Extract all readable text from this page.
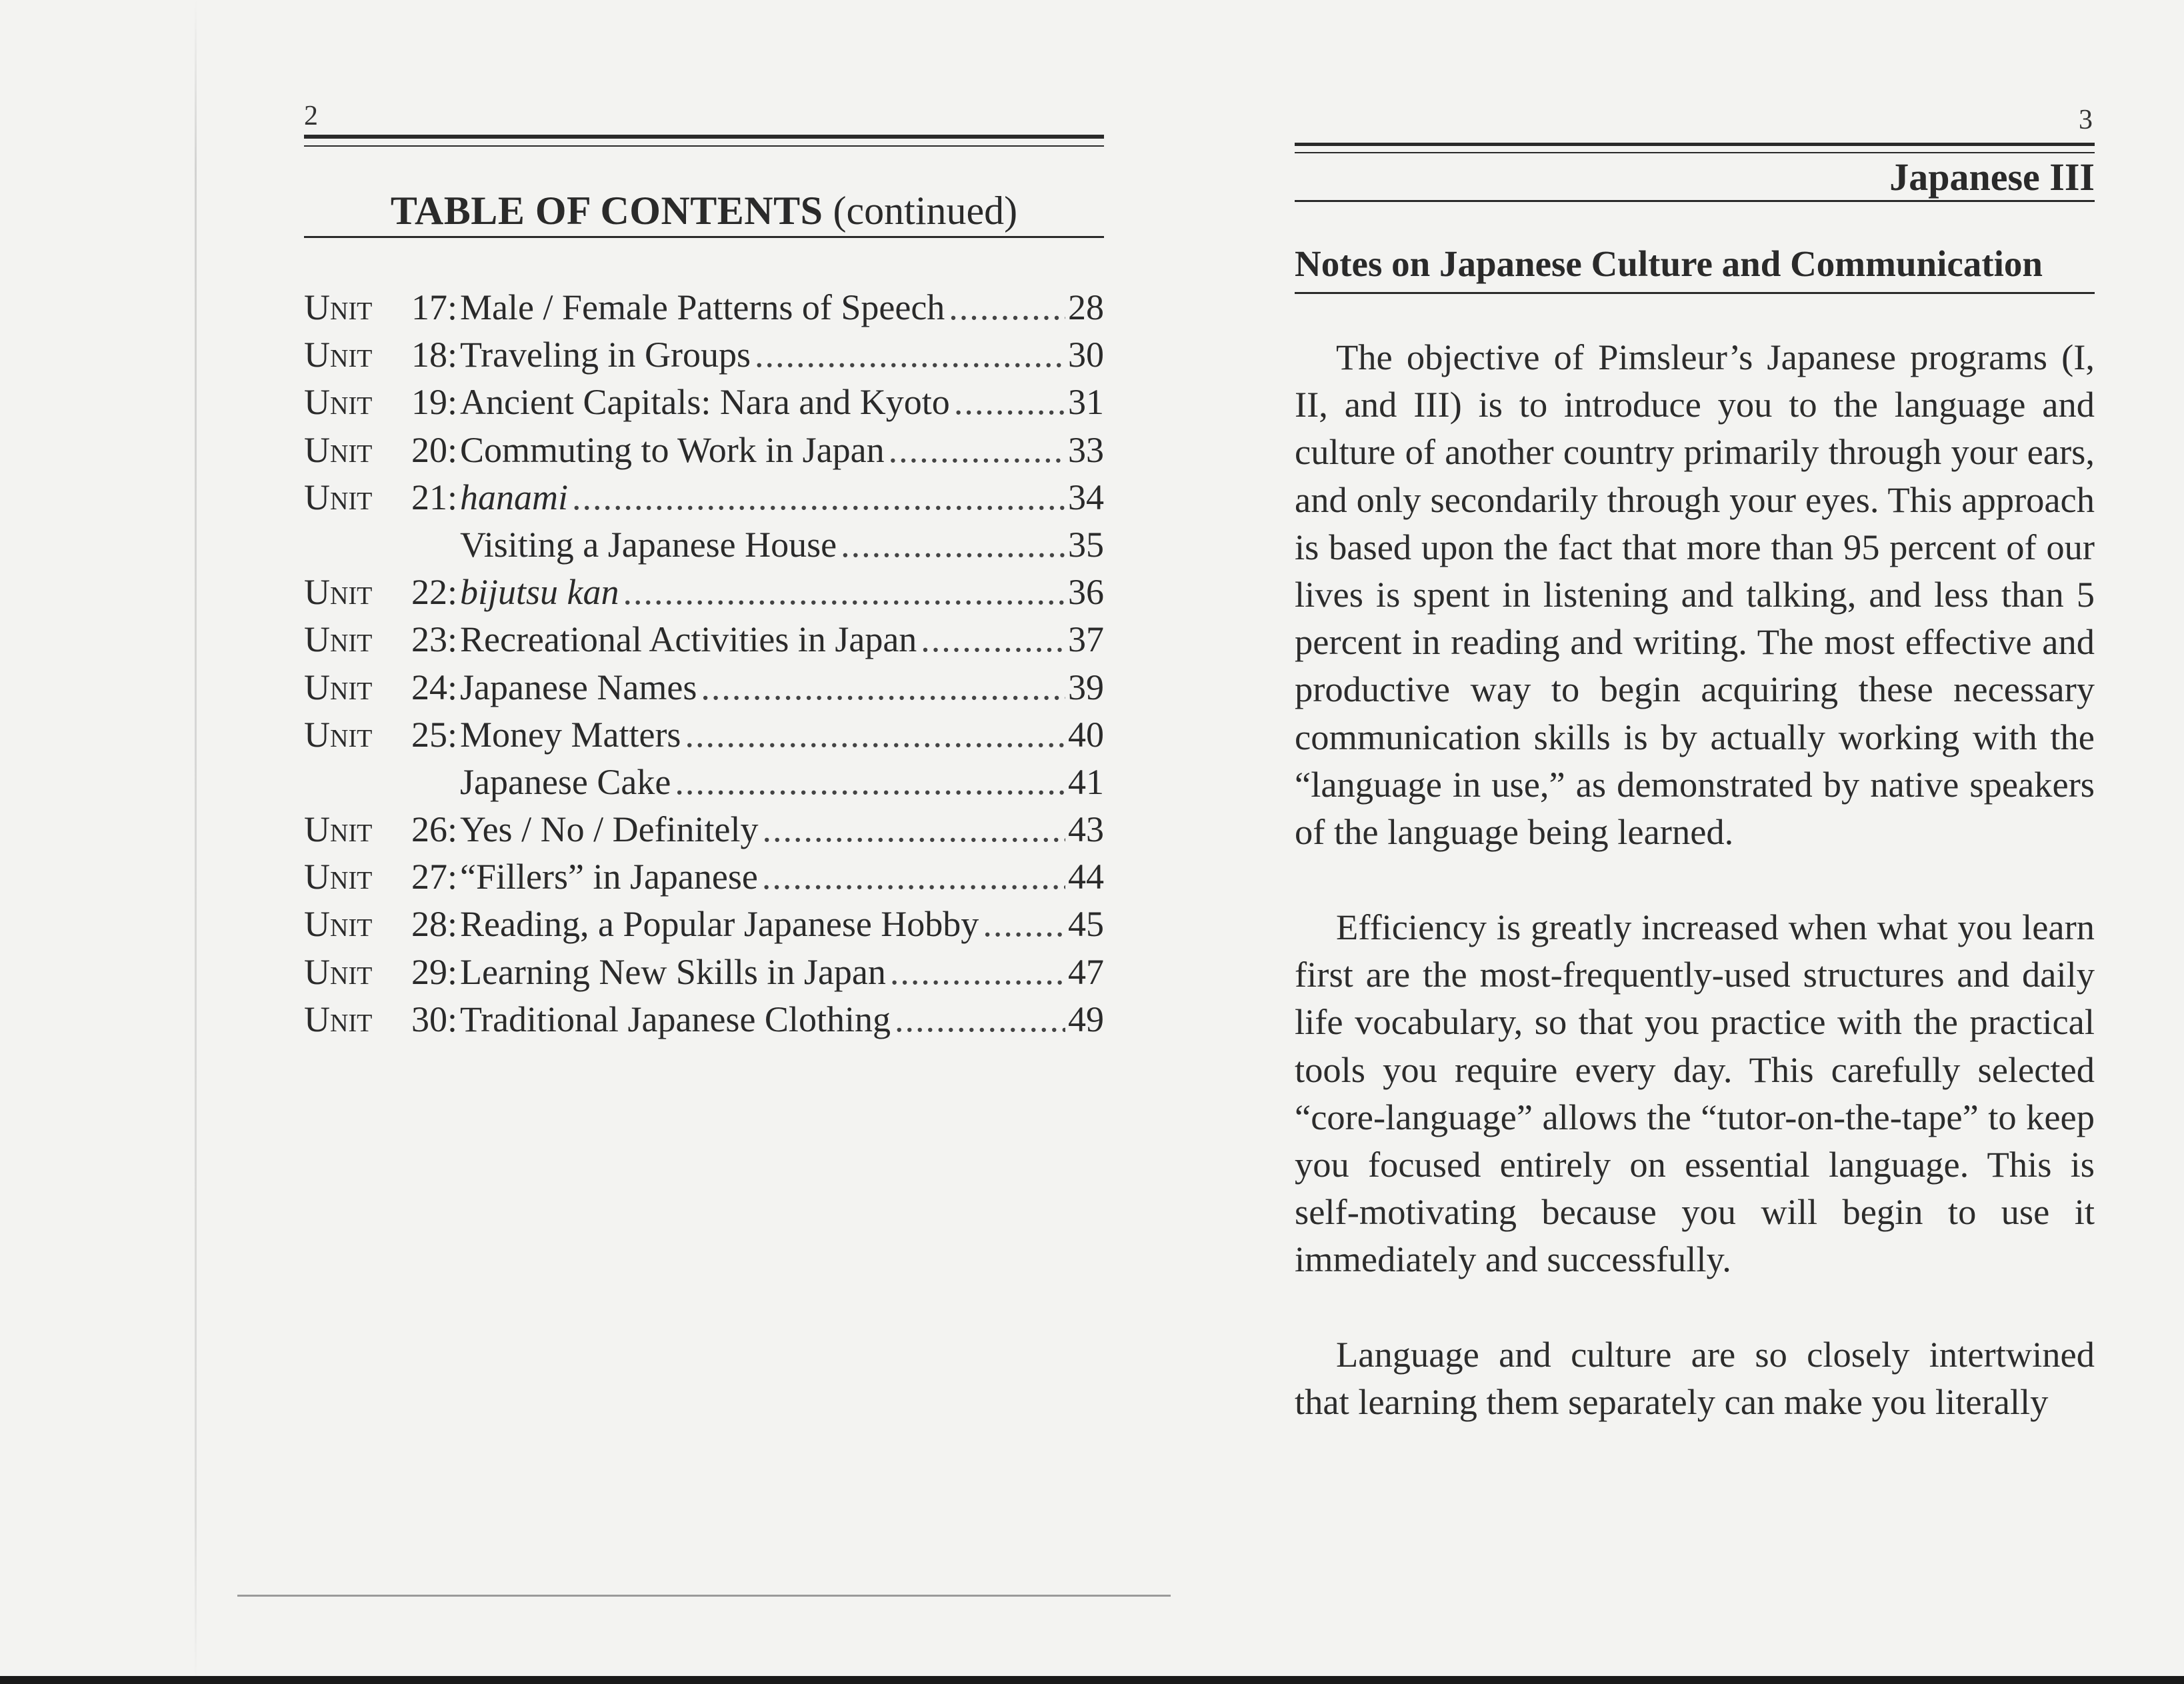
2
TABLE OF CONTENTS (continued)
Unit	17: Male / Female Patterns of Speech .....	28
Unit	18: Traveling in Groups .....	30
Unit	19: Ancient Capitals: Nara and Kyoto .....	31
Unit	20: Commuting to Work in Japan .....	33
Unit	21: hanami .....	34
Visiting a Japanese House .....	35
Unit	22: bijutsu kan .....	36
Unit	23: Recreational Activities in Japan .....	37
Unit	24: Japanese Names .....	39
Unit	25: Money Matters .....	40
Japanese Cake .....	41
Unit	26: Yes / No / Definitely .....	43
Unit	27: “Fillers” in Japanese .....	44
Unit	28: Reading, a Popular Japanese Hobby ..... 45
Unit	29: Learning New Skills in Japan .....	47
Unit	30: Traditional Japanese Clothing .....	49
3
Japanese III
Notes on Japanese Culture and Communication
The objective of Pimsleur’s Japanese programs (I, II, and III) is to introduce you to the language and culture of another country primarily through your ears, and only secondarily through your eyes. This approach is based upon the fact that more than 95 percent of our lives is spent in listening and talking, and less than 5 percent in reading and writing. The most effective and productive way to begin acquiring these necessary communication skills is by actually working with the “language in use,” as demonstrated by native speakers of the language being learned.
Efficiency is greatly increased when what you learn first are the most-frequently-used structures and daily life vocabulary, so that you practice with the practical tools you require every day. This carefully selected “core-language” allows the “tutor-on-the-tape” to keep you focused entirely on essential language. This is self-motivating because you will begin to use it immediately and successfully.
Language and culture are so closely intertwined that learning them separately can make you literally
